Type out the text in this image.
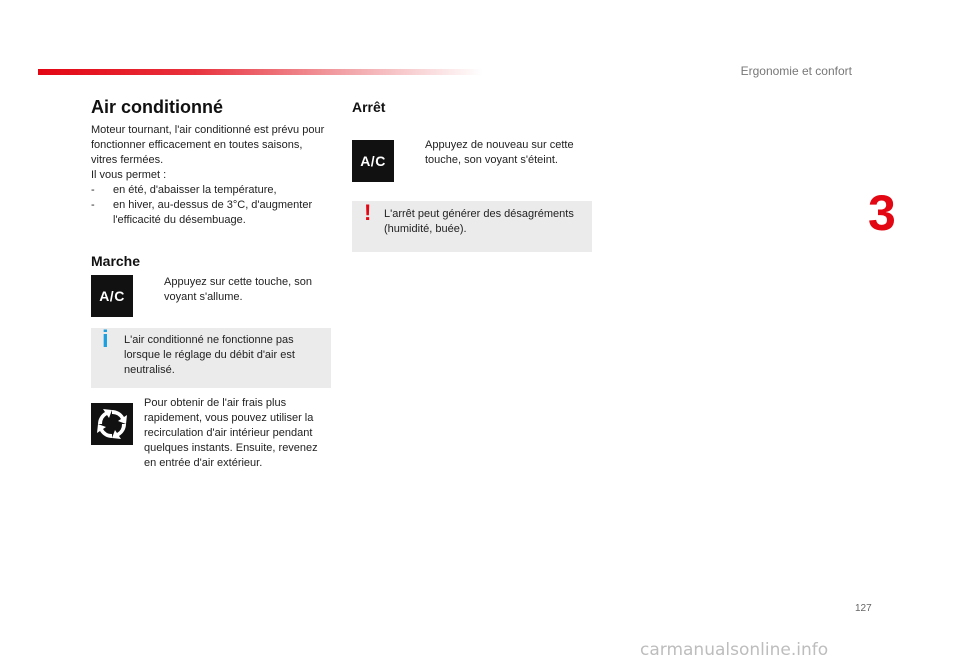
Ergonomie et confort
3
Air conditionné

Moteur tournant, l'air conditionné est prévu pour fonctionner efficacement en toutes saisons, vitres fermées.

Il vous permet :

- en été, d'abaisser la température,
- en hiver, au-dessus de 3°C, d'augmenter l'efficacité du désembuage.
Marche
A/C
Appuyez sur cette touche, son voyant s'allume.
i L'air conditionné ne fonctionne pas lorsque le réglage du débit d'air est neutralisé.
Pour obtenir de l'air frais plus rapidement, vous pouvez utiliser la recirculation d'air intérieur pendant quelques instants. Ensuite, revenez en entrée d'air extérieur.
Arrêt
A/C
Appuyez de nouveau sur cette touche, son voyant s'éteint.
! L'arrêt peut générer des désagréments (humidité, buée).
127
carmanualsonline.info
